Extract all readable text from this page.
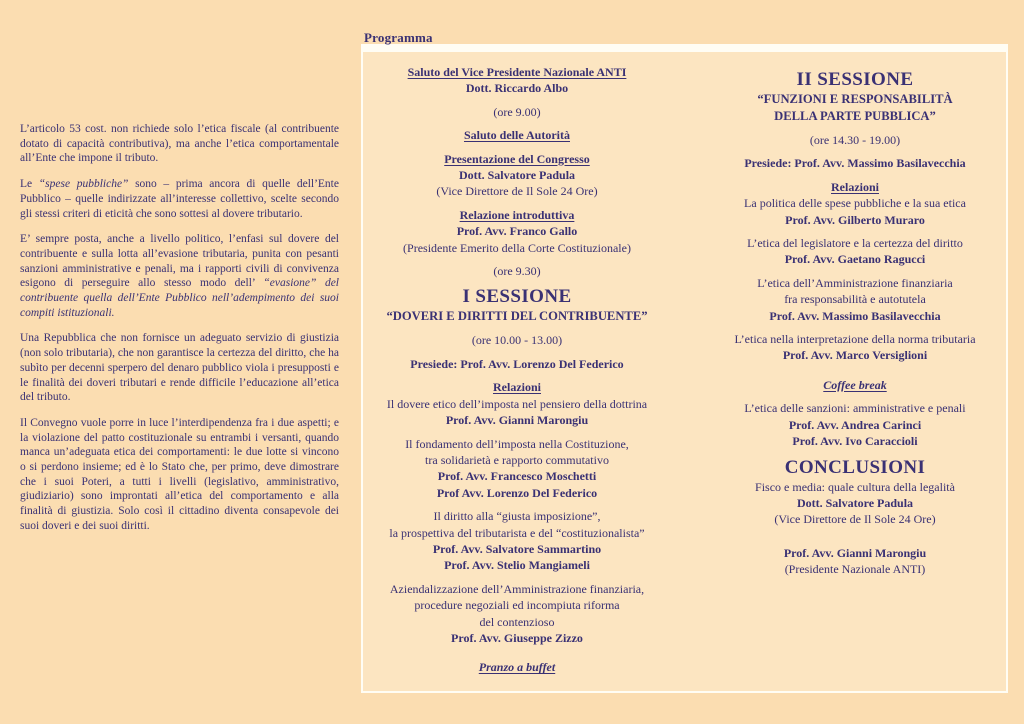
Programma

L’articolo 53 cost. non richiede solo l’etica fiscale (al contribuente dotato di capacità contributiva), ma anche l’etica comportamentale all’Ente che impone il tributo.

Le “spese pubbliche” sono – prima ancora di quelle dell’Ente Pubblico – quelle indirizzate all’interesse collettivo, scelte secondo gli stessi criteri di eticità che sono sottesi al dovere tributario.

E’ sempre posta, anche a livello politico, l’enfasi sul dovere del contribuente e sulla lotta all’evasione tributaria, punita con pesanti sanzioni amministrative e penali, ma i rapporti civili di convivenza esigono di perseguire allo stesso modo dell’ “evasione” del contribuente quella dell’Ente Pubblico nell’adempimento dei suoi compiti istituzionali.

Una Repubblica che non fornisce un adeguato servizio di giustizia (non solo tributaria), che non garantisce la certezza del diritto, che ha subìto per decenni sperpero del denaro pubblico viola i presupposti e le finalità dei doveri tributari e rende difficile l’educazione all’etica del tributo.

Il Convegno vuole porre in luce l’interdipendenza fra i due aspetti; e la violazione del patto costituzionale su entrambi i versanti, quando manca un’adeguata etica dei comportamenti: le due lotte si vincono o si perdono insieme; ed è lo Stato che, per primo, deve dimostrare che i suoi Poteri, a tutti i livelli (legislativo, amministrativo, giudiziario) sono improntati all’etica del comportamento e alla finalità di giustizia. Solo così il cittadino diventa consapevole dei suoi doveri e dei suoi diritti.

Saluto del Vice Presidente Nazionale ANTI
Dott. Riccardo Albo
(ore 9.00)
Saluto delle Autorità
Presentazione del Congresso
Dott. Salvatore Padula
(Vice Direttore de Il Sole 24 Ore)
Relazione introduttiva
Prof. Avv. Franco Gallo
(Presidente Emerito della Corte Costituzionale)
(ore 9.30)
I SESSIONE
“DOVERI E DIRITTI DEL CONTRIBUENTE”
(ore 10.00 - 13.00)
Presiede: Prof. Avv. Lorenzo Del Federico
Relazioni
Il dovere etico dell’imposta nel pensiero della dottrina
Prof. Avv. Gianni Marongiu
Il fondamento dell’imposta nella Costituzione,
tra solidarietà e rapporto commutativo
Prof. Avv. Francesco Moschetti
Prof Avv. Lorenzo Del Federico
Il diritto alla “giusta imposizione”,
la prospettiva del tributarista e del “costituzionalista”
Prof. Avv. Salvatore Sammartino
Prof. Avv. Stelio Mangiameli
Aziendalizzazione dell’Amministrazione finanziaria,
procedure negoziali ed incompiuta riforma
del contenzioso
Prof. Avv. Giuseppe Zizzo
Pranzo a buffet
II SESSIONE
“FUNZIONI E RESPONSABILITÀ
DELLA PARTE PUBBLICA”
(ore 14.30 - 19.00)
Presiede: Prof. Avv. Massimo Basilavecchia
Relazioni
La politica delle spese pubbliche e la sua etica
Prof. Avv. Gilberto Muraro
L’etica del legislatore e la certezza del diritto
Prof. Avv. Gaetano Ragucci
L’etica dell’Amministrazione finanziaria
fra responsabilità e autotutela
Prof. Avv. Massimo Basilavecchia
L’etica nella interpretazione della norma tributaria
Prof. Avv. Marco Versiglioni
Coffee break
L’etica delle sanzioni: amministrative e penali
Prof. Avv. Andrea Carinci
Prof. Avv. Ivo Caraccioli
CONCLUSIONI
Fisco e media: quale cultura della legalità
Dott. Salvatore Padula
(Vice Direttore de Il Sole 24 Ore)
Prof. Avv. Gianni Marongiu
(Presidente Nazionale ANTI)
